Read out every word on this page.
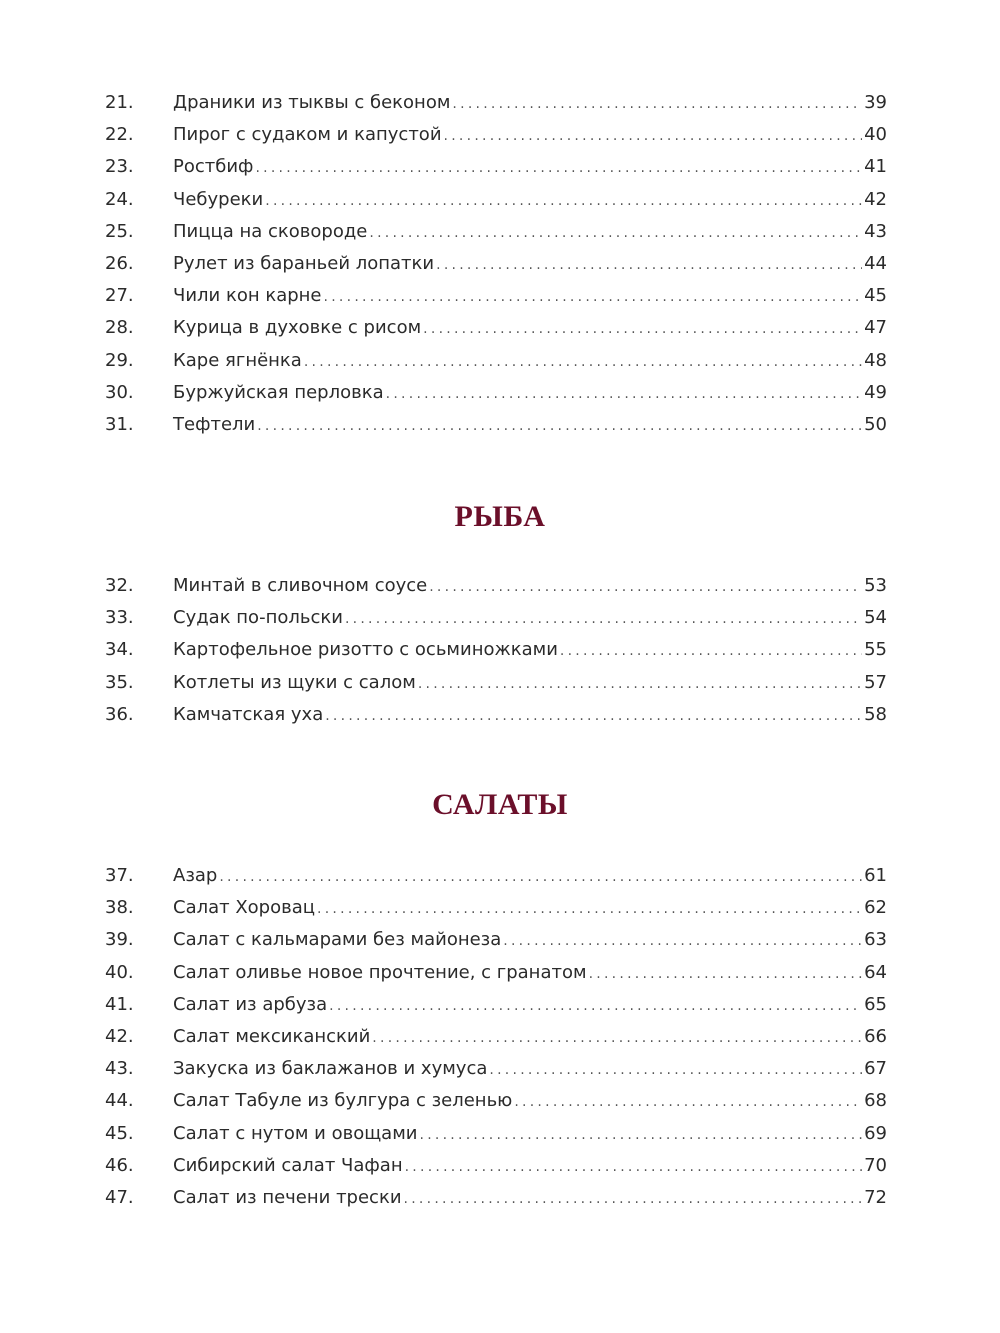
21.	Драники из тыквы с беконом . . .	39
22.	Пирог с судаком и капустой . . .	40
23.	Ростбиф . . .	41
24.	Чебуреки . . .	42
25.	Пицца на сковороде . . .	43
26.	Рулет из бараньей лопатки . . .	44
27.	Чили кон карне . . .	45
28.	Курица в духовке с рисом . . .	47
29.	Каре ягнёнка . . .	48
30.	Буржуйская перловка . . .	49
31.	Тефтели . . .	50
РЫБА
32.	Минтай в сливочном соусе . . .	53
33.	Судак по-польски . . .	54
34.	Картофельное ризотто с осьминожками . . .	55
35.	Котлеты из щуки с салом . . .	57
36.	Камчатская уха . . .	58
САЛАТЫ
37.	Азар . . .	61
38.	Салат Хоровац . . .	62
39.	Салат с кальмарами без майонеза . . .	63
40.	Салат оливье новое прочтение, с гранатом . . .	64
41.	Салат из арбуза . . .	65
42.	Салат мексиканский . . .	66
43.	Закуска из баклажанов и хумуса . . .	67
44.	Салат Табуле из булгура с зеленью . . .	68
45.	Салат с нутом и овощами . . .	69
46.	Сибирский салат Чафан . . .	70
47.	Салат из печени трески . . .	72
